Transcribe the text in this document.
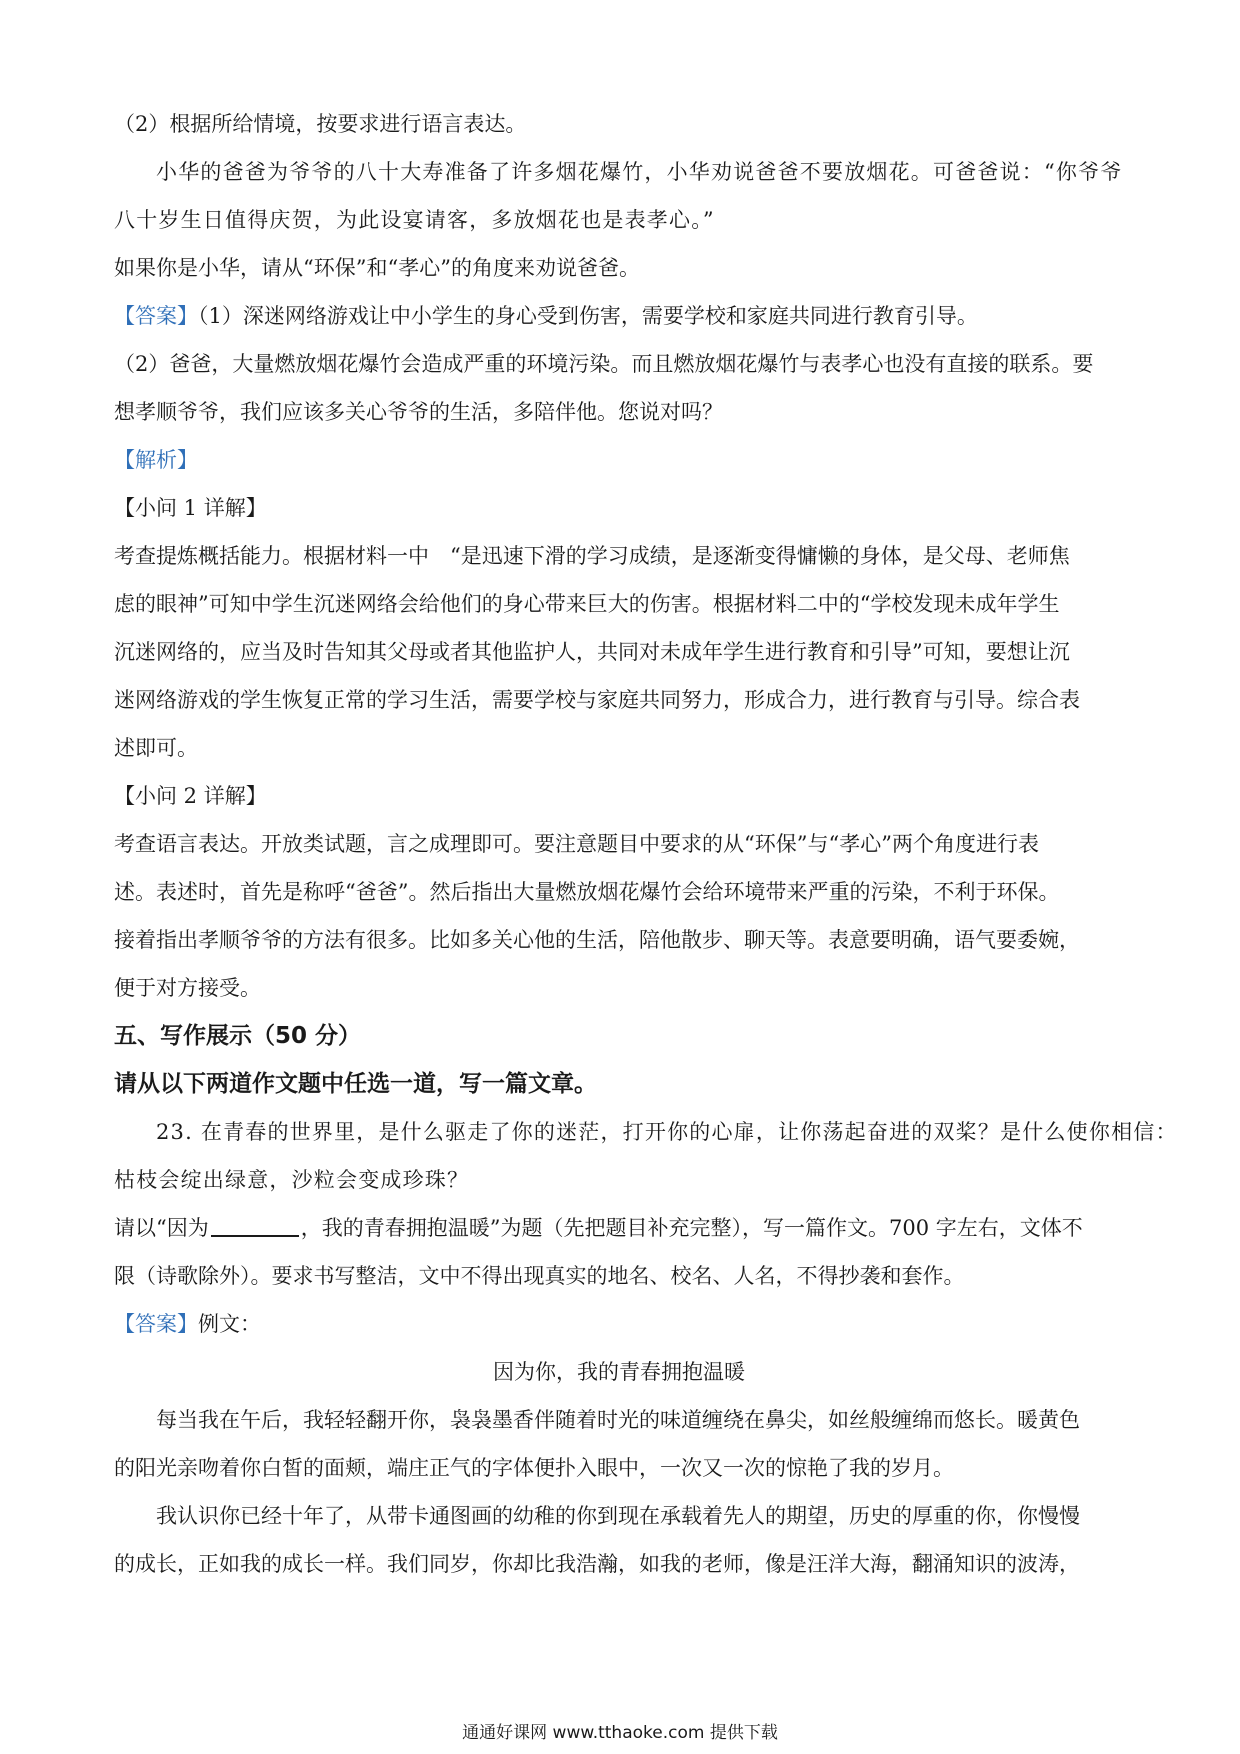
（2）根据所给情境，按要求进行语言表达。

小华的爸爸为爷爷的八十大寿准备了许多烟花爆竹，小华劝说爸爸不要放烟花。可爸爸说：“你爷爷

八十岁生日值得庆贺，为此设宴请客，多放烟花也是表孝心。”

如果你是小华，请从“环保”和“孝心”的角度来劝说爸爸。

【答案】（1）深迷网络游戏让中小学生的身心受到伤害，需要学校和家庭共同进行教育引导。

（2）爸爸，大量燃放烟花爆竹会造成严重的环境污染。而且燃放烟花爆竹与表孝心也没有直接的联系。要

想孝顺爷爷，我们应该多关心爷爷的生活，多陪伴他。您说对吗？

【解析】

【小问 1 详解】

考查提炼概括能力。根据材料一中　“是迅速下滑的学习成绩，是逐渐变得慵懒的身体，是父母、老师焦

虑的眼神”可知中学生沉迷网络会给他们的身心带来巨大的伤害。根据材料二中的“学校发现未成年学生

沉迷网络的，应当及时告知其父母或者其他监护人，共同对未成年学生进行教育和引导”可知，要想让沉

迷网络游戏的学生恢复正常的学习生活，需要学校与家庭共同努力，形成合力，进行教育与引导。综合表

述即可。

【小问 2 详解】

考查语言表达。开放类试题，言之成理即可。要注意题目中要求的从“环保”与“孝心”两个角度进行表

述。表述时，首先是称呼“爸爸”。然后指出大量燃放烟花爆竹会给环境带来严重的污染，不利于环保。

接着指出孝顺爷爷的方法有很多。比如多关心他的生活，陪他散步、聊天等。表意要明确，语气要委婉，

便于对方接受。

五、写作展示（50 分）

请从以下两道作文题中任选一道，写一篇文章。

23. 在青春的世界里，是什么驱走了你的迷茫，打开你的心扉，让你荡起奋进的双桨？是什么使你相信：

枯枝会绽出绿意，沙粒会变成珍珠？

请以“因为	，我的青春拥抱温暖”为题（先把题目补充完整），写一篇作文。700 字左右，文体不

限（诗歌除外）。要求书写整洁，文中不得出现真实的地名、校名、人名，不得抄袭和套作。

【答案】例文：

因为你，我的青春拥抱温暖

每当我在午后，我轻轻翻开你，袅袅墨香伴随着时光的味道缠绕在鼻尖，如丝般缠绵而悠长。暖黄色

的阳光亲吻着你白皙的面颊，端庄正气的字体便扑入眼中，一次又一次的惊艳了我的岁月。

我认识你已经十年了，从带卡通图画的幼稚的你到现在承载着先人的期望，历史的厚重的你，你慢慢

的成长，正如我的成长一样。我们同岁，你却比我浩瀚，如我的老师，像是汪洋大海，翻涌知识的波涛，

通通好课网 www.tthaoke.com 提供下载
